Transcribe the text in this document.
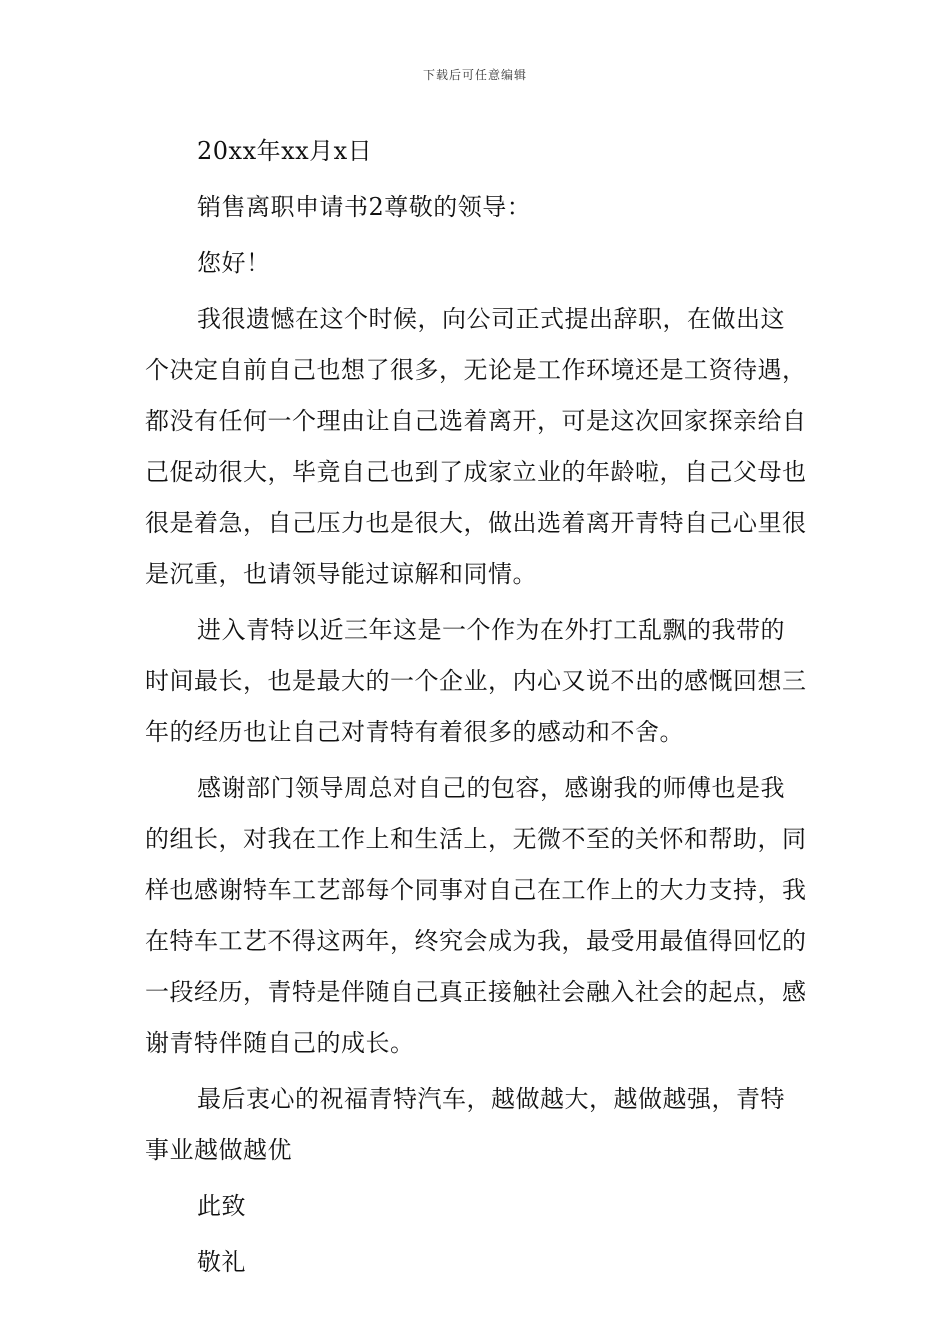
下载后可任意编辑

20xx年xx月x日

销售离职申请书2尊敬的领导：

您好！

我很遗憾在这个时候，向公司正式提出辞职，在做出这个决定自前自己也想了很多，无论是工作环境还是工资待遇，都没有任何一个理由让自己选着离开，可是这次回家探亲给自己促动很大，毕竟自己也到了成家立业的年龄啦，自己父母也很是着急，自己压力也是很大，做出选着离开青特自己心里很是沉重，也请领导能过谅解和同情。

进入青特以近三年这是一个作为在外打工乱飘的我带的时间最长，也是最大的一个企业，内心又说不出的感慨回想三年的经历也让自己对青特有着很多的感动和不舍。

感谢部门领导周总对自己的包容，感谢我的师傅也是我的组长，对我在工作上和生活上，无微不至的关怀和帮助，同样也感谢特车工艺部每个同事对自己在工作上的大力支持，我在特车工艺不得这两年，终究会成为我，最受用最值得回忆的一段经历，青特是伴随自己真正接触社会融入社会的起点，感谢青特伴随自己的成长。

最后衷心的祝福青特汽车，越做越大，越做越强，青特事业越做越优

此致

敬礼
